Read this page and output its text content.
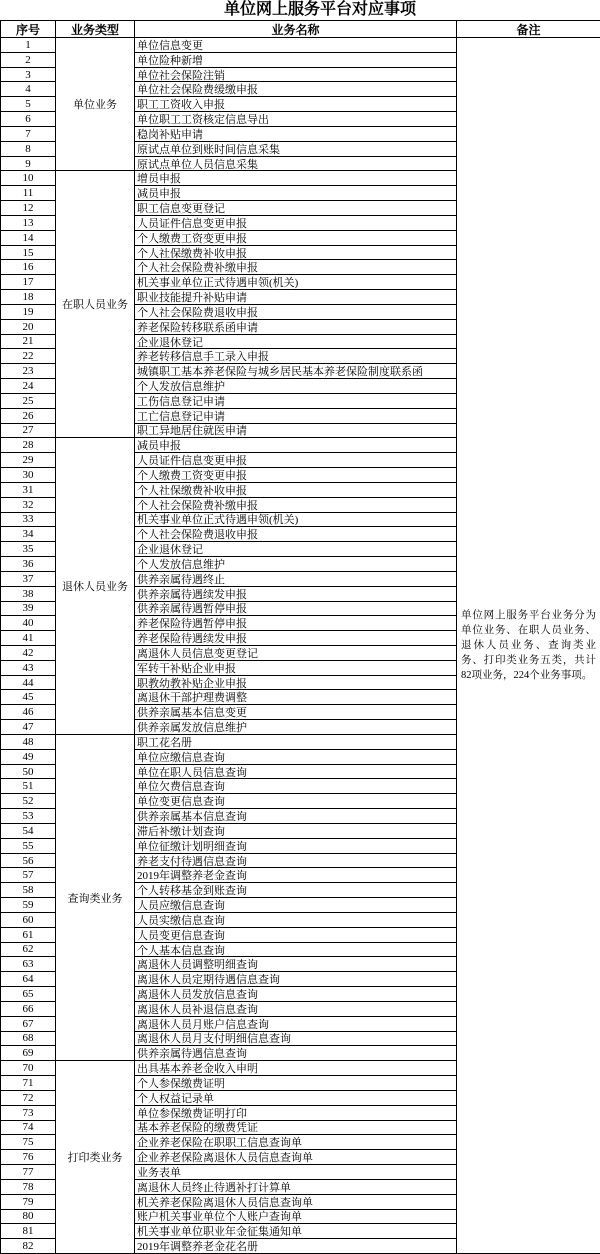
单位网上服务平台对应事项
序号	业务类型	业务名称	备注
单位业务
1	单位信息变更
2	单位险种新增
3	单位社会保险注销
4	单位社会保险费缓缴申报
5	职工工资收入申报
6	单位职工工资核定信息导出
7	稳岗补贴申请
8	原试点单位到账时间信息采集
9	原试点单位人员信息采集
在职人员业务
10	增员申报
11	减员申报
12	职工信息变更登记
13	人员证件信息变更申报
14	个人缴费工资变更申报
15	个人社保缴费补收申报
16	个人社会保险费补缴申报
17	机关事业单位正式待遇申领(机关)
18	职业技能提升补贴申请
19	个人社会保险费退收申报
20	养老保险转移联系函申请
21	企业退休登记
22	养老转移信息手工录入申报
23	城镇职工基本养老保险与城乡居民基本养老保险制度联系函
24	个人发放信息维护
25	工伤信息登记申请
26	工亡信息登记申请
27	职工异地居住就医申请
退休人员业务
28	减员申报
29	人员证件信息变更申报
30	个人缴费工资变更申报
31	个人社保缴费补收申报
32	个人社会保险费补缴申报
33	机关事业单位正式待遇申领(机关)
34	个人社会保险费退收申报
35	企业退休登记
36	个人发放信息维护
37	供养亲属待遇终止
38	供养亲属待遇续发申报
39	供养亲属待遇暂停申报
40	养老保险待遇暂停申报
41	养老保险待遇续发申报
42	离退休人员信息变更登记
43	军转干补贴企业申报
44	职教幼教补贴企业申报
45	离退休干部护理费调整
46	供养亲属基本信息变更
47	供养亲属发放信息维护
查询类业务
48	职工花名册
49	单位应缴信息查询
50	单位在职人员信息查询
51	单位欠费信息查询
52	单位变更信息查询
53	供养亲属基本信息查询
54	滞后补缴计划查询
55	单位征缴计划明细查询
56	养老支付待遇信息查询
57	2019年调整养老金查询
58	个人转移基金到账查询
59	人员应缴信息查询
60	人员实缴信息查询
61	人员变更信息查询
62	个人基本信息查询
63	离退休人员调整明细查询
64	离退休人员定期待遇信息查询
65	离退休人员发放信息查询
66	离退休人员补退信息查询
67	离退休人员月账户信息查询
68	离退休人员月支付明细信息查询
69	供养亲属待遇信息查询
打印类业务
70	出具基本养老金收入申明
71	个人参保缴费证明
72	个人权益记录单
73	单位参保缴费证明打印
74	基本养老保险的缴费凭证
75	企业养老保险在职职工信息查询单
76	企业养老保险离退休人员信息查询单
77	业务表单
78	离退休人员终止待遇补打计算单
79	机关养老保险离退休人员信息查询单
80	账户机关事业单位个人账户查询单
81	机关事业单位职业年金征集通知单
82	2019年调整养老金花名册
单位网上服务平台业务分为单位业务、在职人员业务、退休人员业务、查询类业务、打印类业务五类，共计82项业务，224个业务事项。
